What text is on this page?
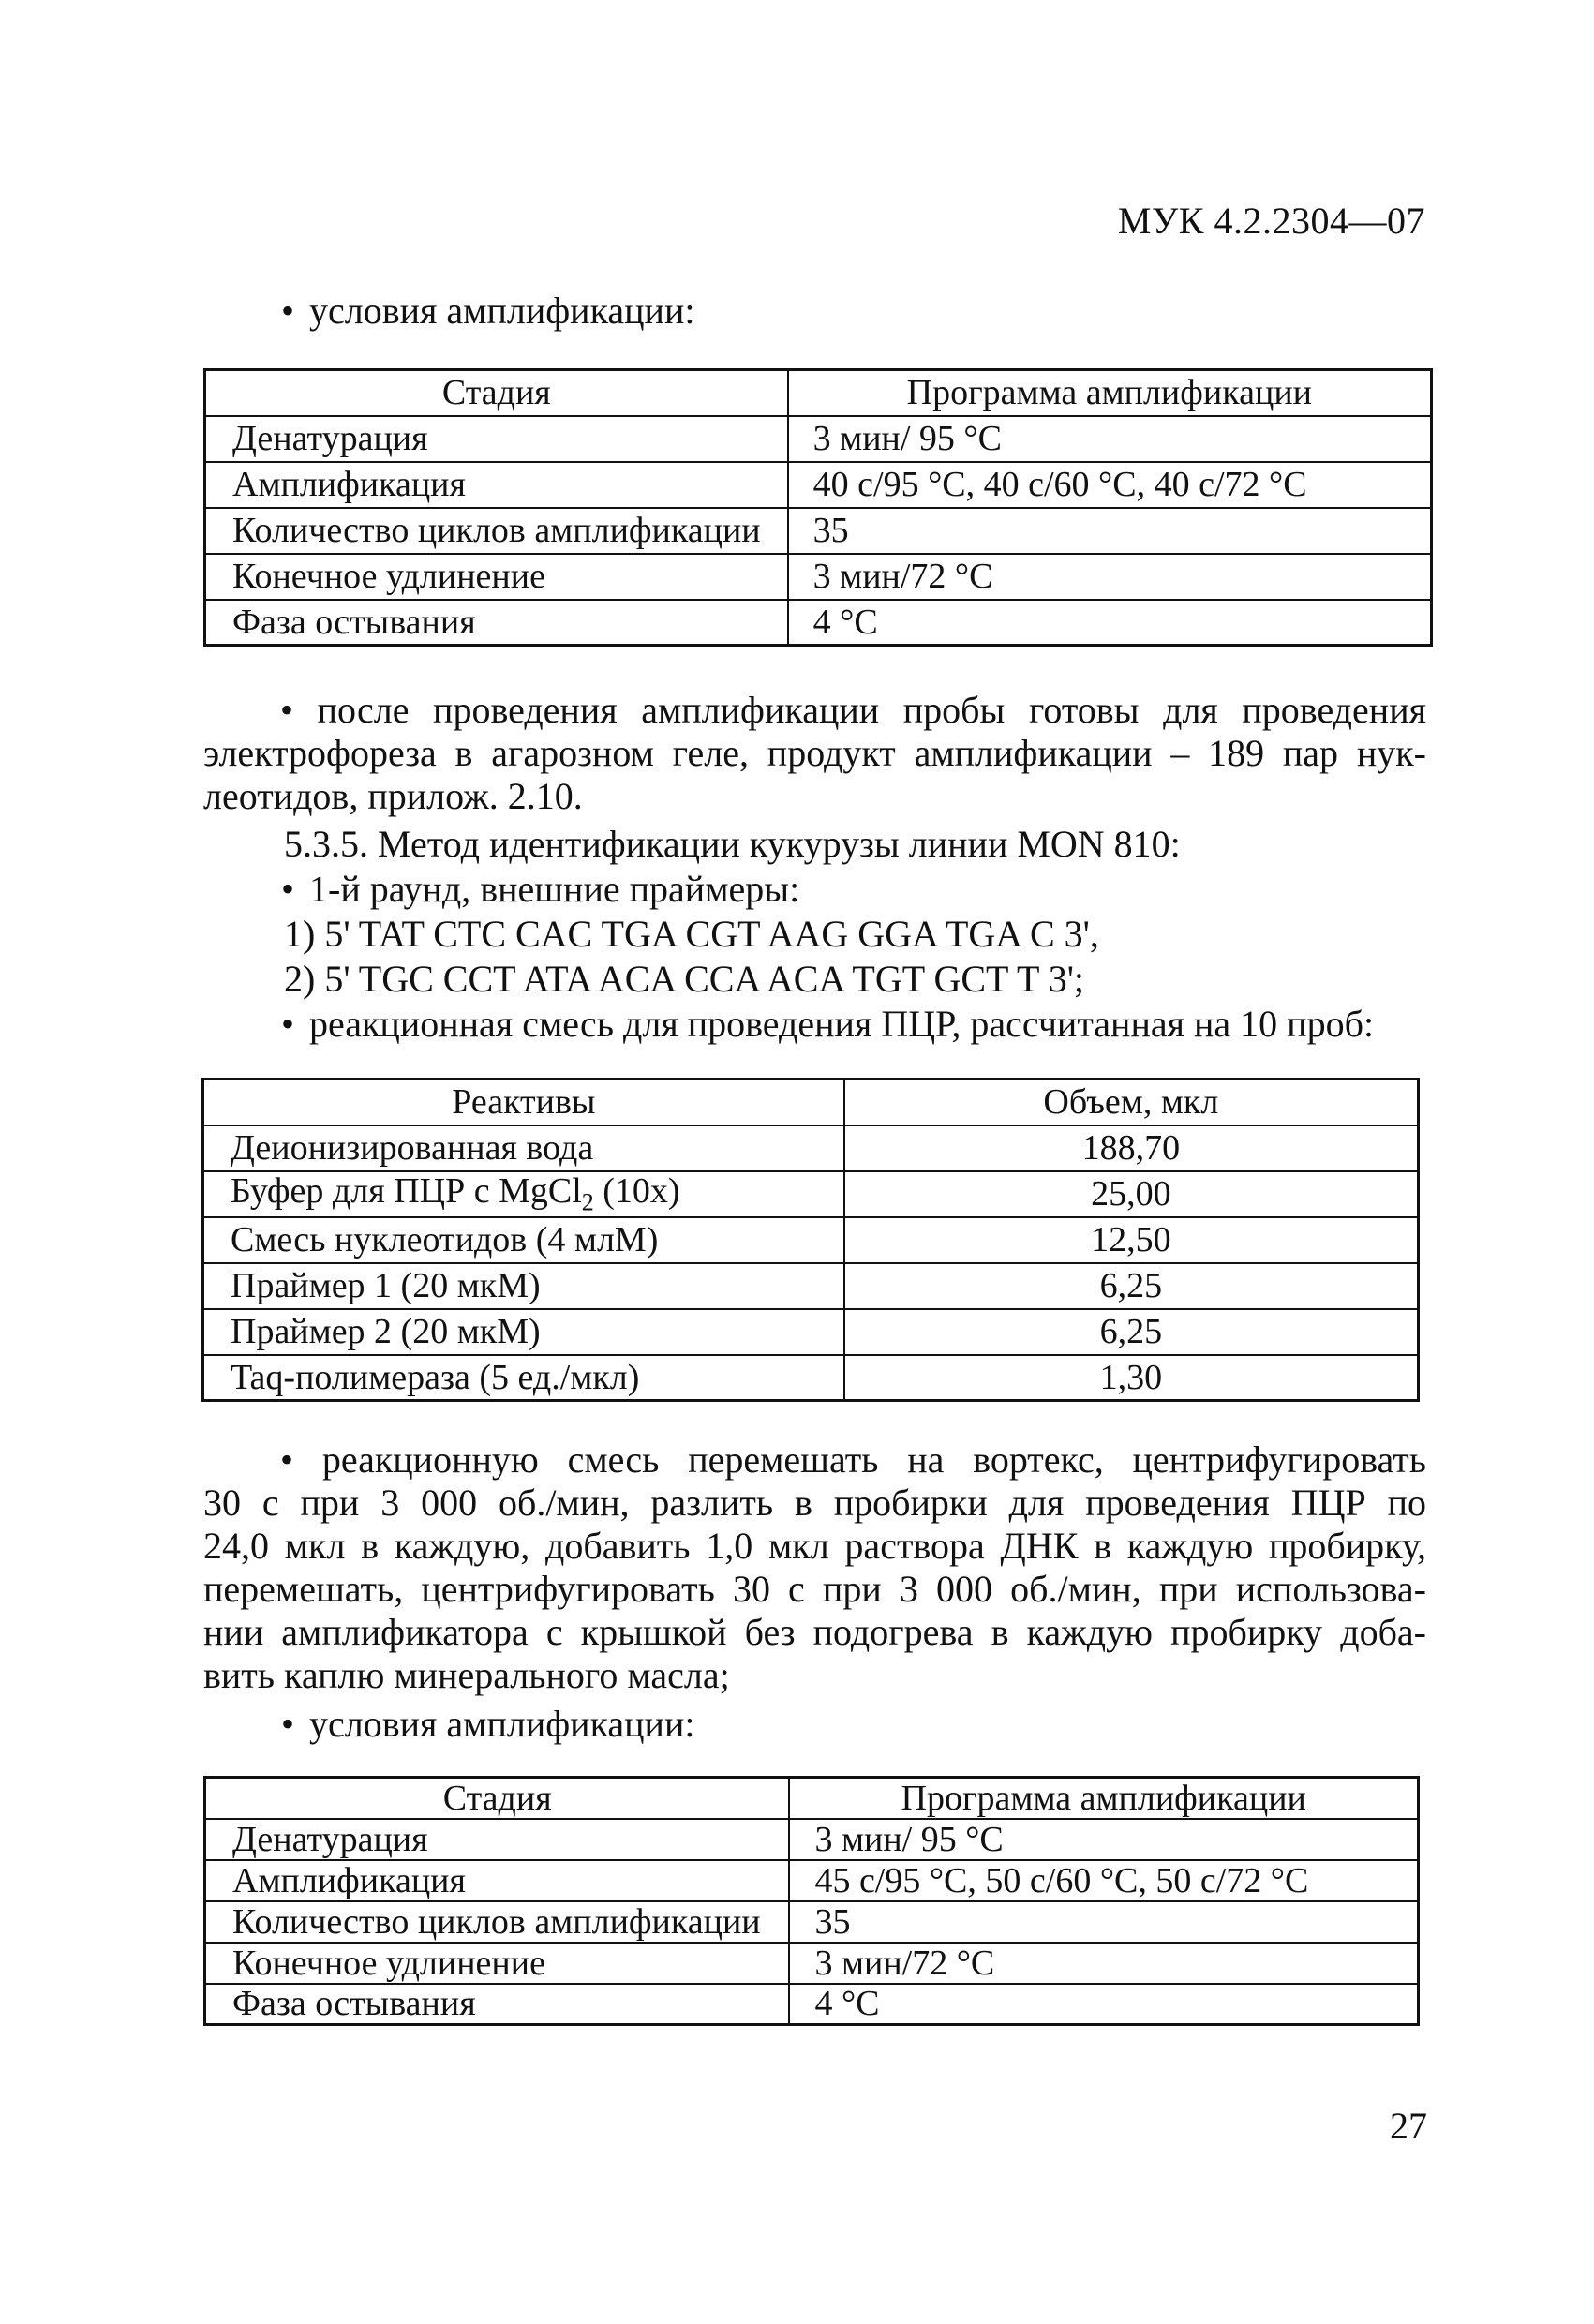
МУК 4.2.2304—07
• условия амплификации:
Стадия	Программа амплификации
Денатурация	3 мин/ 95 °С
Амплификация	40 с/95 °С, 40 с/60 °С, 40 с/72 °С
Количество циклов амплификации	35
Конечное удлинение	3 мин/72 °С
Фаза остывания	4 °С
• после проведения амплификации пробы готовы для проведения
электрофореза в агарозном геле, продукт амплификации – 189 пар нук-
леотидов, прилож. 2.10.
5.3.5. Метод идентификации кукурузы линии MON 810:
• 1-й раунд, внешние праймеры:
1) 5' TAT CTC CAC TGA CGT AAG GGA TGA C 3',
2) 5' TGC CCT ATA ACA CCA ACA TGT GCT T 3';
• реакционная смесь для проведения ПЦР, рассчитанная на 10 проб:
Реактивы	Объем, мкл
Деионизированная вода	188,70
Буфер для ПЦР с MgCl$_2$ (10х)	25,00
Смесь нуклеотидов (4 млМ)	12,50
Праймер 1 (20 мкМ)	6,25
Праймер 2 (20 мкМ)	6,25
Taq-полимераза (5 ед./мкл)	1,30
• реакционную смесь перемешать на вортекс, центрифугировать
30 с при 3 000 об./мин, разлить в пробирки для проведения ПЦР по
24,0 мкл в каждую, добавить 1,0 мкл раствора ДНК в каждую пробирку,
перемешать, центрифугировать 30 с при 3 000 об./мин, при использова-
нии амплификатора с крышкой без подогрева в каждую пробирку доба-
вить каплю минерального масла;
• условия амплификации:
Стадия	Программа амплификации
Денатурация	3 мин/ 95 °С
Амплификация	45 с/95 °С, 50 с/60 °С, 50 с/72 °С
Количество циклов амплификации	35
Конечное удлинение	3 мин/72 °С
Фаза остывания	4 °С
27
